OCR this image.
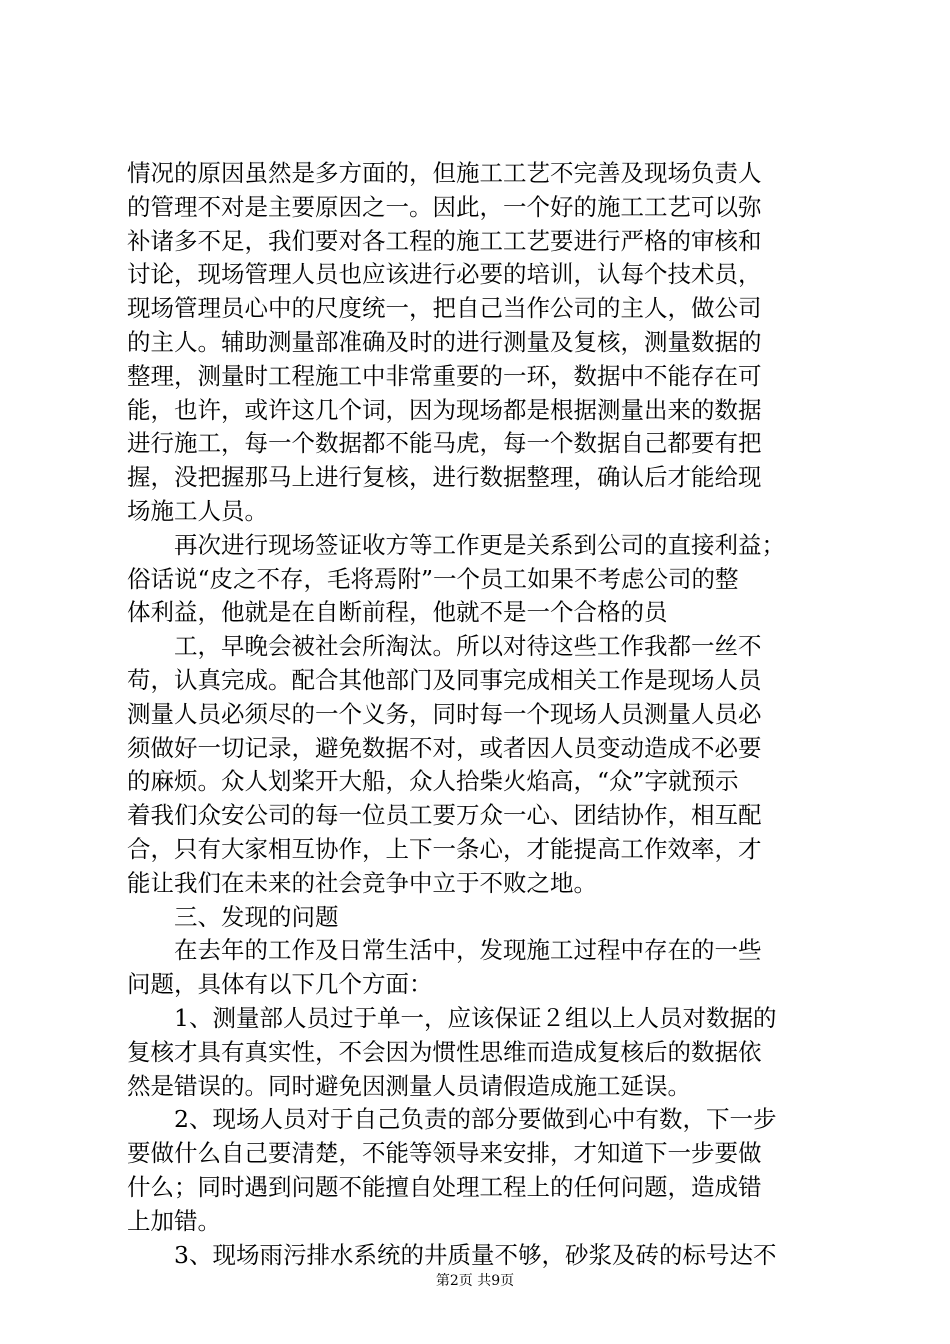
情况的原因虽然是多方面的，但施工工艺不完善及现场负责人
的管理不对是主要原因之一。因此，一个好的施工工艺可以弥
补诸多不足，我们要对各工程的施工工艺要进行严格的审核和
讨论，现场管理人员也应该进行必要的培训，认每个技术员，
现场管理员心中的尺度统一，把自己当作公司的主人，做公司
的主人。辅助测量部准确及时的进行测量及复核，测量数据的
整理，测量时工程施工中非常重要的一环，数据中不能存在可
能，也许，或许这几个词，因为现场都是根据测量出来的数据
进行施工，每一个数据都不能马虎，每一个数据自己都要有把
握，没把握那马上进行复核，进行数据整理，确认后才能给现
场施工人员。
　　再次进行现场签证收方等工作更是关系到公司的直接利益；
俗话说“皮之不存，毛将焉附”一个员工如果不考虑公司的整
体利益，他就是在自断前程，他就不是一个合格的员
　　工，早晚会被社会所淘汰。所以对待这些工作我都一丝不
苟，认真完成。配合其他部门及同事完成相关工作是现场人员
测量人员必须尽的一个义务，同时每一个现场人员测量人员必
须做好一切记录，避免数据不对，或者因人员变动造成不必要
的麻烦。众人划桨开大船，众人拾柴火焰高，“众”字就预示
着我们众安公司的每一位员工要万众一心、团结协作，相互配
合，只有大家相互协作，上下一条心，才能提高工作效率，才
能让我们在未来的社会竞争中立于不败之地。
　　三、发现的问题
　　在去年的工作及日常生活中，发现施工过程中存在的一些
问题，具体有以下几个方面：
　　1、测量部人员过于单一，应该保证２组以上人员对数据的
复核才具有真实性，不会因为惯性思维而造成复核后的数据依
然是错误的。同时避免因测量人员请假造成施工延误。
　　2、现场人员对于自己负责的部分要做到心中有数，下一步
要做什么自己要清楚，不能等领导来安排，才知道下一步要做
什么；同时遇到问题不能擅自处理工程上的任何问题，造成错
上加错。
　　3、现场雨污排水系统的井质量不够，砂浆及砖的标号达不

第2页 共9页
